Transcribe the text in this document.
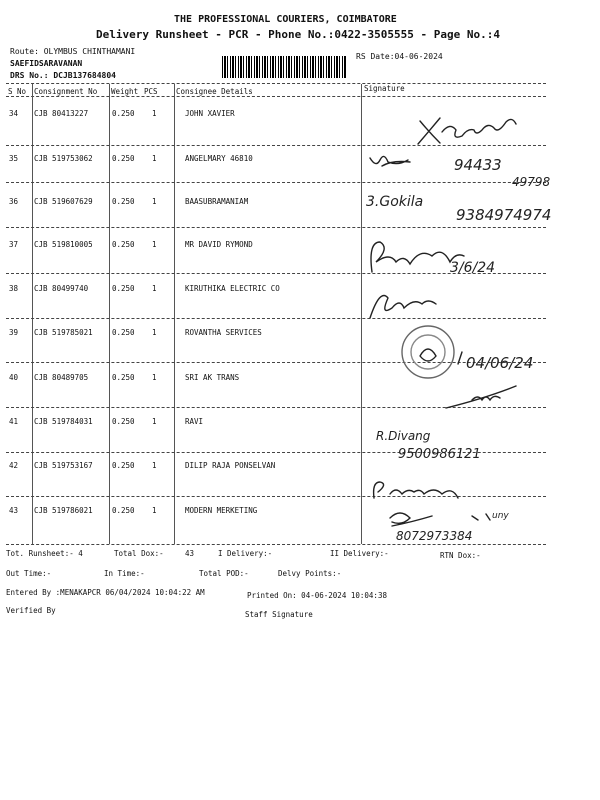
THE PROFESSIONAL COURIERS, COIMBATORE
Delivery Runsheet - PCR - Phone No.:0422-3505555 - Page No.:4
Route: OLYMBUS CHINTHAMANI
SAEFIDSARAVANAN
DRS No.: DCJB137684804
RS Date:04-06-2024
S No Consignment No Weight PCS Consignee Details	Signature
34 CJB 80413227	0.250 1	JOHN XAVIER
35 CJB 519753062	0.250 1	ANGELMARY 46810
36 CJB 519607629	0.250 1	BAASUBRAMANIAM
37 CJB 519810005	0.250 1	MR DAVID RYMOND
38 CJB 80499740	0.250 1	KIRUTHIKA ELECTRIC CO
39 CJB 519785021	0.250 1	ROVANTHA SERVICES
40 CJB 80489705	0.250 1	SRI AK TRANS
41 CJB 519784031	0.250 1	RAVI
42 CJB 519753167	0.250 1	DILIP RAJA PONSELVAN
43 CJB 519786021	0.250 1	MODERN MERKETING
94433
49798
3.Gokila
9384974974
3/6/24
04/06/24
R.Divang
9500986121
uny
8072973384
Tot. Runsheet:- 4	Total Dox:-	43	I Delivery:-	II Delivery:-	RTN Dox:-
Out Time:-	In Time:-	Total POD:-	Delvy Points:-
Entered By :MENAKAPCR 06/04/2024 10:04:22 AM	Printed On: 04-06-2024 10:04:38
Verified By	Staff Signature
